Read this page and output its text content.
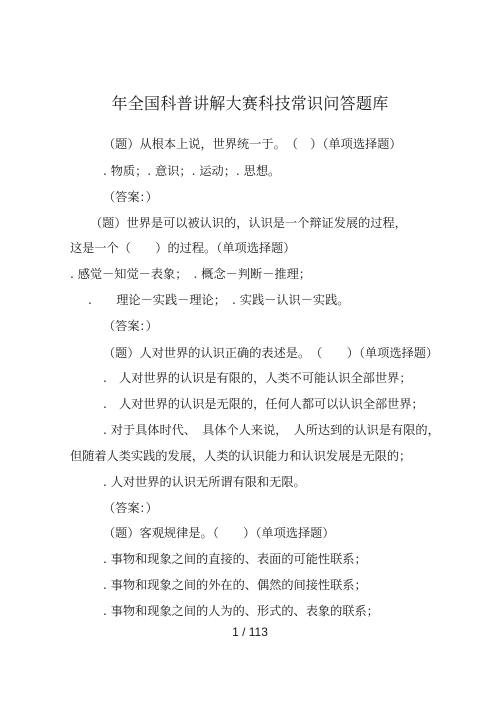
年全国科普讲解大赛科技常识问答题库
（题）从根本上说，世界统一于。　（　）（单项选择题）
. 物质；. 意识；. 运动；. 思想。
（答案：）
（题）世界是可以被认识的，认识是一个辩证发展的过程，
这是一个（　　）的过程。（单项选择题）
. 感觉－知觉－表象；　. 概念－判断－推理；
.　　理论－实践－理论；　. 实践－认识－实践。
（答案：）
（题）人对世界的认识正确的表述是。　（　　）（单项选择题）
.　人对世界的认识是有限的，人类不可能认识全部世界；
.　人对世界的认识是无限的，任何人都可以认识全部世界；
. 对于具体时代、　具体个人来说，　人所达到的认识是有限的，
但随着人类实践的发展，人类的认识能力和认识发展是无限的；
. 人对世界的认识无所谓有限和无限。
（答案：）
（题）客观规律是。（　　）（单项选择题）
. 事物和现象之间的直接的、表面的可能性联系；
. 事物和现象之间的外在的、偶然的间接性联系；
. 事物和现象之间的人为的、形式的、表象的联系；
1 / 113
